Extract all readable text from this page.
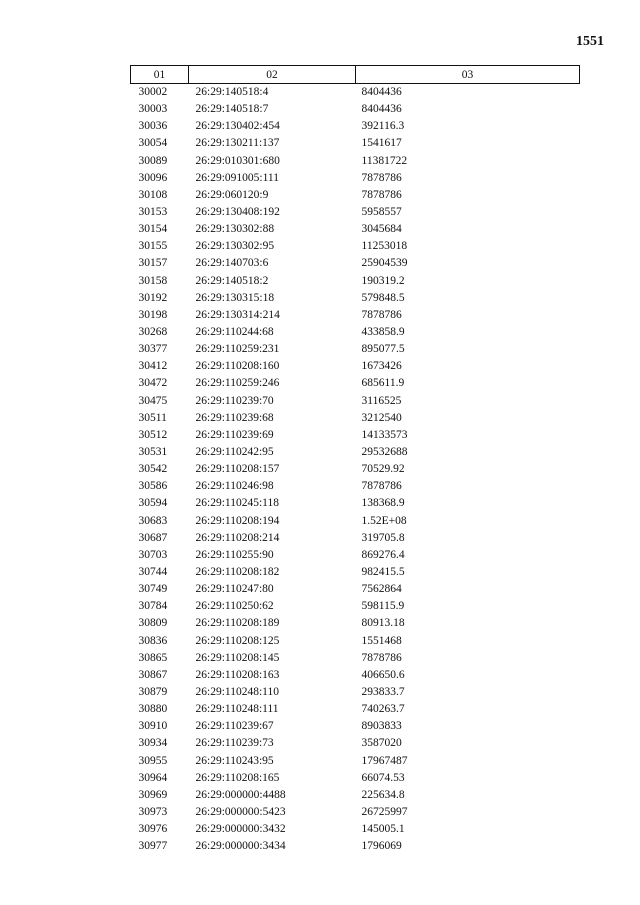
1551
01	02	03
30002	26:29:140518:4	8404436
30003	26:29:140518:7	8404436
30036	26:29:130402:454	392116.3
30054	26:29:130211:137	1541617
30089	26:29:010301:680	11381722
30096	26:29:091005:111	7878786
30108	26:29:060120:9	7878786
30153	26:29:130408:192	5958557
30154	26:29:130302:88	3045684
30155	26:29:130302:95	11253018
30157	26:29:140703:6	25904539
30158	26:29:140518:2	190319.2
30192	26:29:130315:18	579848.5
30198	26:29:130314:214	7878786
30268	26:29:110244:68	433858.9
30377	26:29:110259:231	895077.5
30412	26:29:110208:160	1673426
30472	26:29:110259:246	685611.9
30475	26:29:110239:70	3116525
30511	26:29:110239:68	3212540
30512	26:29:110239:69	14133573
30531	26:29:110242:95	29532688
30542	26:29:110208:157	70529.92
30586	26:29:110246:98	7878786
30594	26:29:110245:118	138368.9
30683	26:29:110208:194	1.52E+08
30687	26:29:110208:214	319705.8
30703	26:29:110255:90	869276.4
30744	26:29:110208:182	982415.5
30749	26:29:110247:80	7562864
30784	26:29:110250:62	598115.9
30809	26:29:110208:189	80913.18
30836	26:29:110208:125	1551468
30865	26:29:110208:145	7878786
30867	26:29:110208:163	406650.6
30879	26:29:110248:110	293833.7
30880	26:29:110248:111	740263.7
30910	26:29:110239:67	8903833
30934	26:29:110239:73	3587020
30955	26:29:110243:95	17967487
30964	26:29:110208:165	66074.53
30969	26:29:000000:4488	225634.8
30973	26:29:000000:5423	26725997
30976	26:29:000000:3432	145005.1
30977	26:29:000000:3434	1796069
